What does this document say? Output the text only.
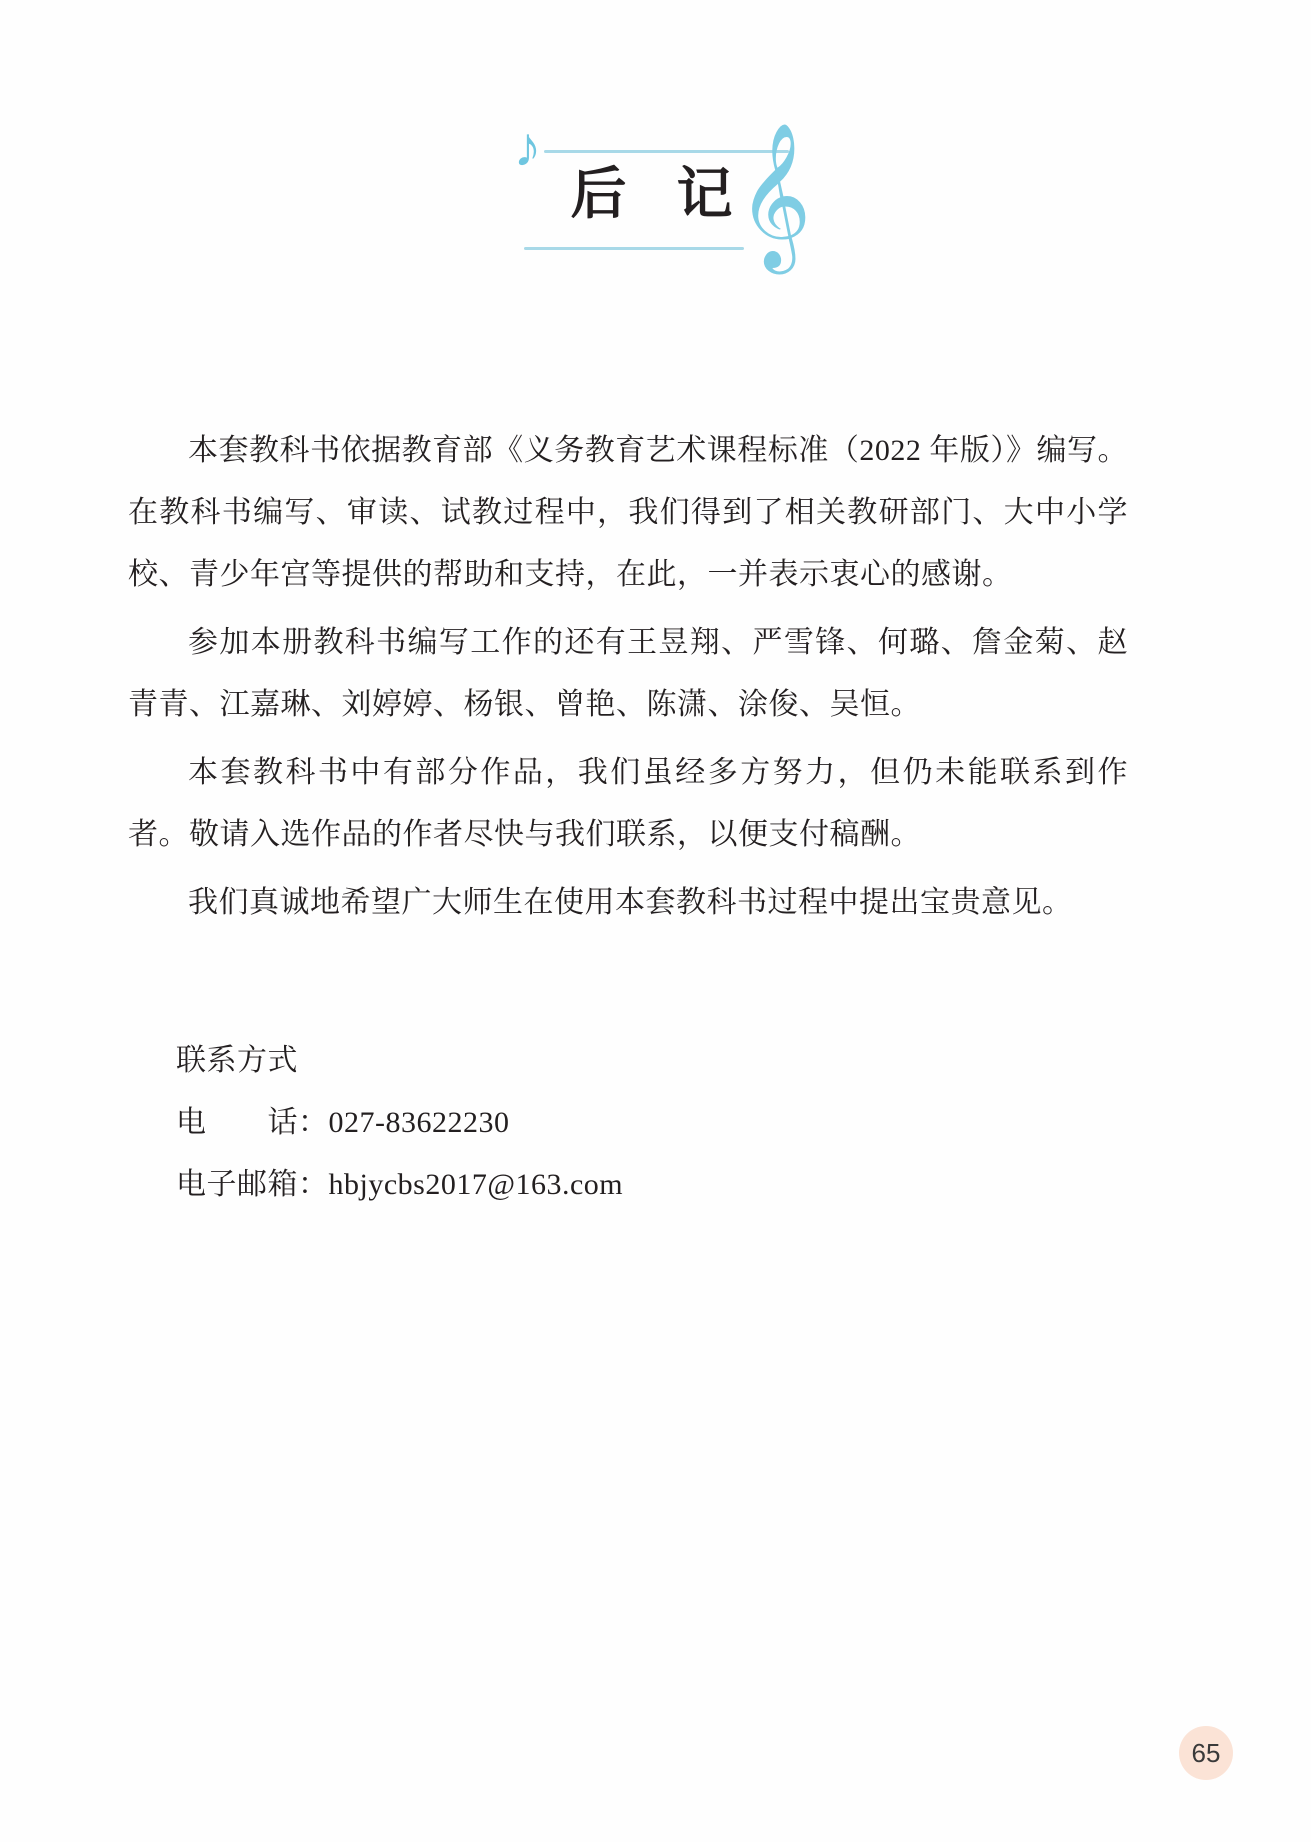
♪ 𝄞
后 记

本套教科书依据教育部《义务教育艺术课程标准（2022 年版）》编写。在教科书编写、审读、试教过程中，我们得到了相关教研部门、大中小学校、青少年宫等提供的帮助和支持，在此，一并表示衷心的感谢。

参加本册教科书编写工作的还有王昱翔、严雪锋、何璐、詹金菊、赵青青、江嘉琳、刘婷婷、杨银、曾艳、陈潇、涂俊、吴恒。

本套教科书中有部分作品，我们虽经多方努力，但仍未能联系到作者。敬请入选作品的作者尽快与我们联系，以便支付稿酬。

我们真诚地希望广大师生在使用本套教科书过程中提出宝贵意见。

联系方式
电　　话：027-83622230
电子邮箱：hbjycbs2017@163.com
65
